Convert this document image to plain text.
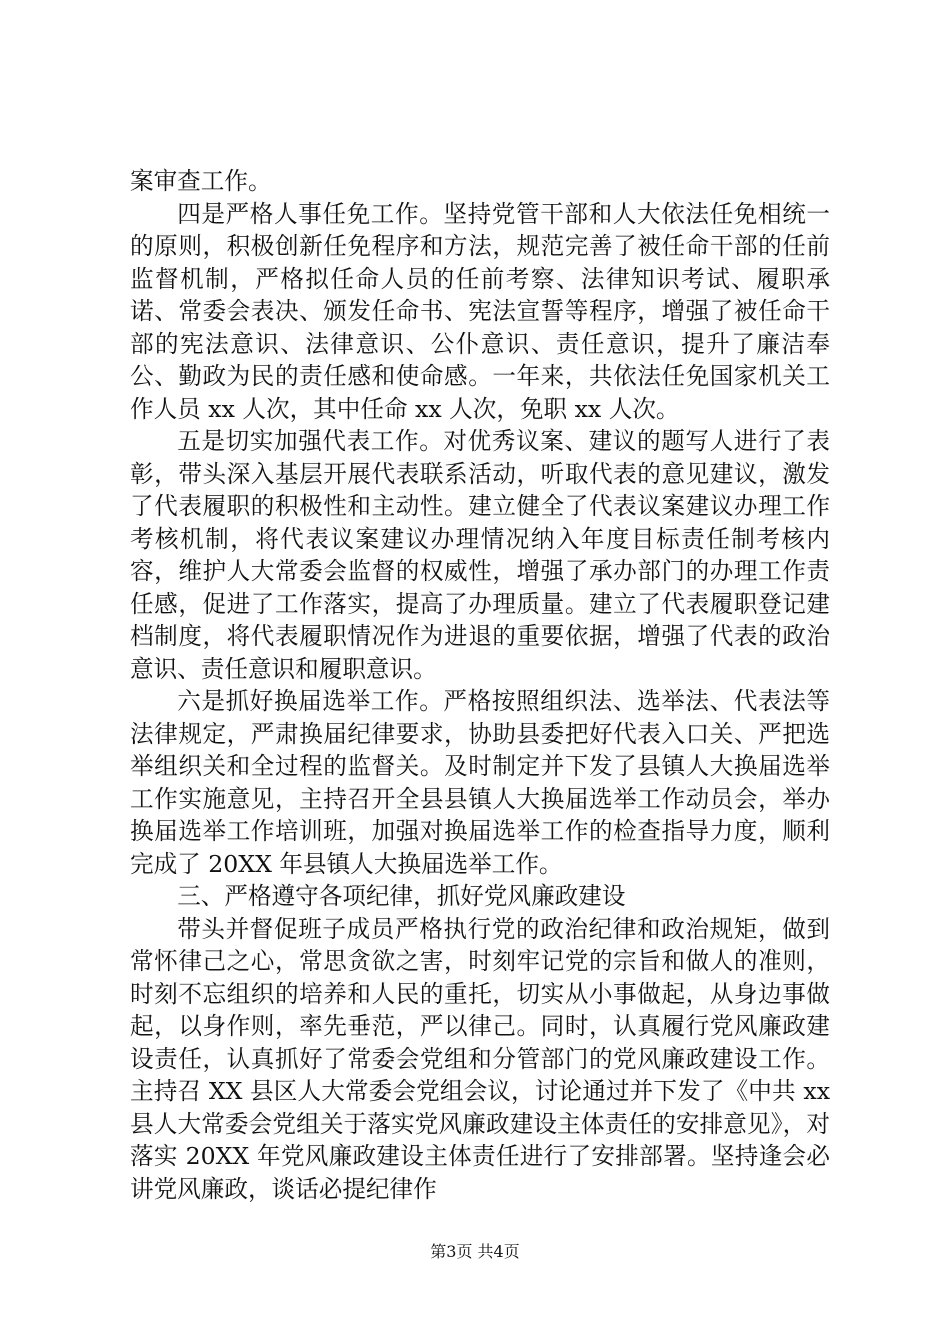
案审查工作。

四是严格人事任免工作。坚持党管干部和人大依法任免相统一的原则，积极创新任免程序和方法，规范完善了被任命干部的任前监督机制，严格拟任命人员的任前考察、法律知识考试、履职承诺、常委会表决、颁发任命书、宪法宣誓等程序，增强了被任命干部的宪法意识、法律意识、公仆意识、责任意识，提升了廉洁奉公、勤政为民的责任感和使命感。一年来，共依法任免国家机关工作人员 xx 人次，其中任命 xx 人次，免职 xx 人次。

五是切实加强代表工作。对优秀议案、建议的题写人进行了表彰，带头深入基层开展代表联系活动，听取代表的意见建议，激发了代表履职的积极性和主动性。建立健全了代表议案建议办理工作考核机制，将代表议案建议办理情况纳入年度目标责任制考核内容，维护人大常委会监督的权威性，增强了承办部门的办理工作责任感，促进了工作落实，提高了办理质量。建立了代表履职登记建档制度，将代表履职情况作为进退的重要依据，增强了代表的政治意识、责任意识和履职意识。

六是抓好换届选举工作。严格按照组织法、选举法、代表法等法律规定，严肃换届纪律要求，协助县委把好代表入口关、严把选举组织关和全过程的监督关。及时制定并下发了县镇人大换届选举工作实施意见，主持召开全县县镇人大换届选举工作动员会，举办换届选举工作培训班，加强对换届选举工作的检查指导力度，顺利完成了 20XX 年县镇人大换届选举工作。

三、严格遵守各项纪律，抓好党风廉政建设

带头并督促班子成员严格执行党的政治纪律和政治规矩，做到常怀律己之心，常思贪欲之害，时刻牢记党的宗旨和做人的准则，时刻不忘组织的培养和人民的重托，切实从小事做起，从身边事做起，以身作则，率先垂范，严以律己。同时，认真履行党风廉政建设责任，认真抓好了常委会党组和分管部门的党风廉政建设工作。主持召 XX 县区人大常委会党组会议，讨论通过并下发了《中共 xx 县人大常委会党组关于落实党风廉政建设主体责任的安排意见》，对落实 20XX 年党风廉政建设主体责任进行了安排部署。坚持逢会必讲党风廉政，谈话必提纪律作

第3页 共4页
